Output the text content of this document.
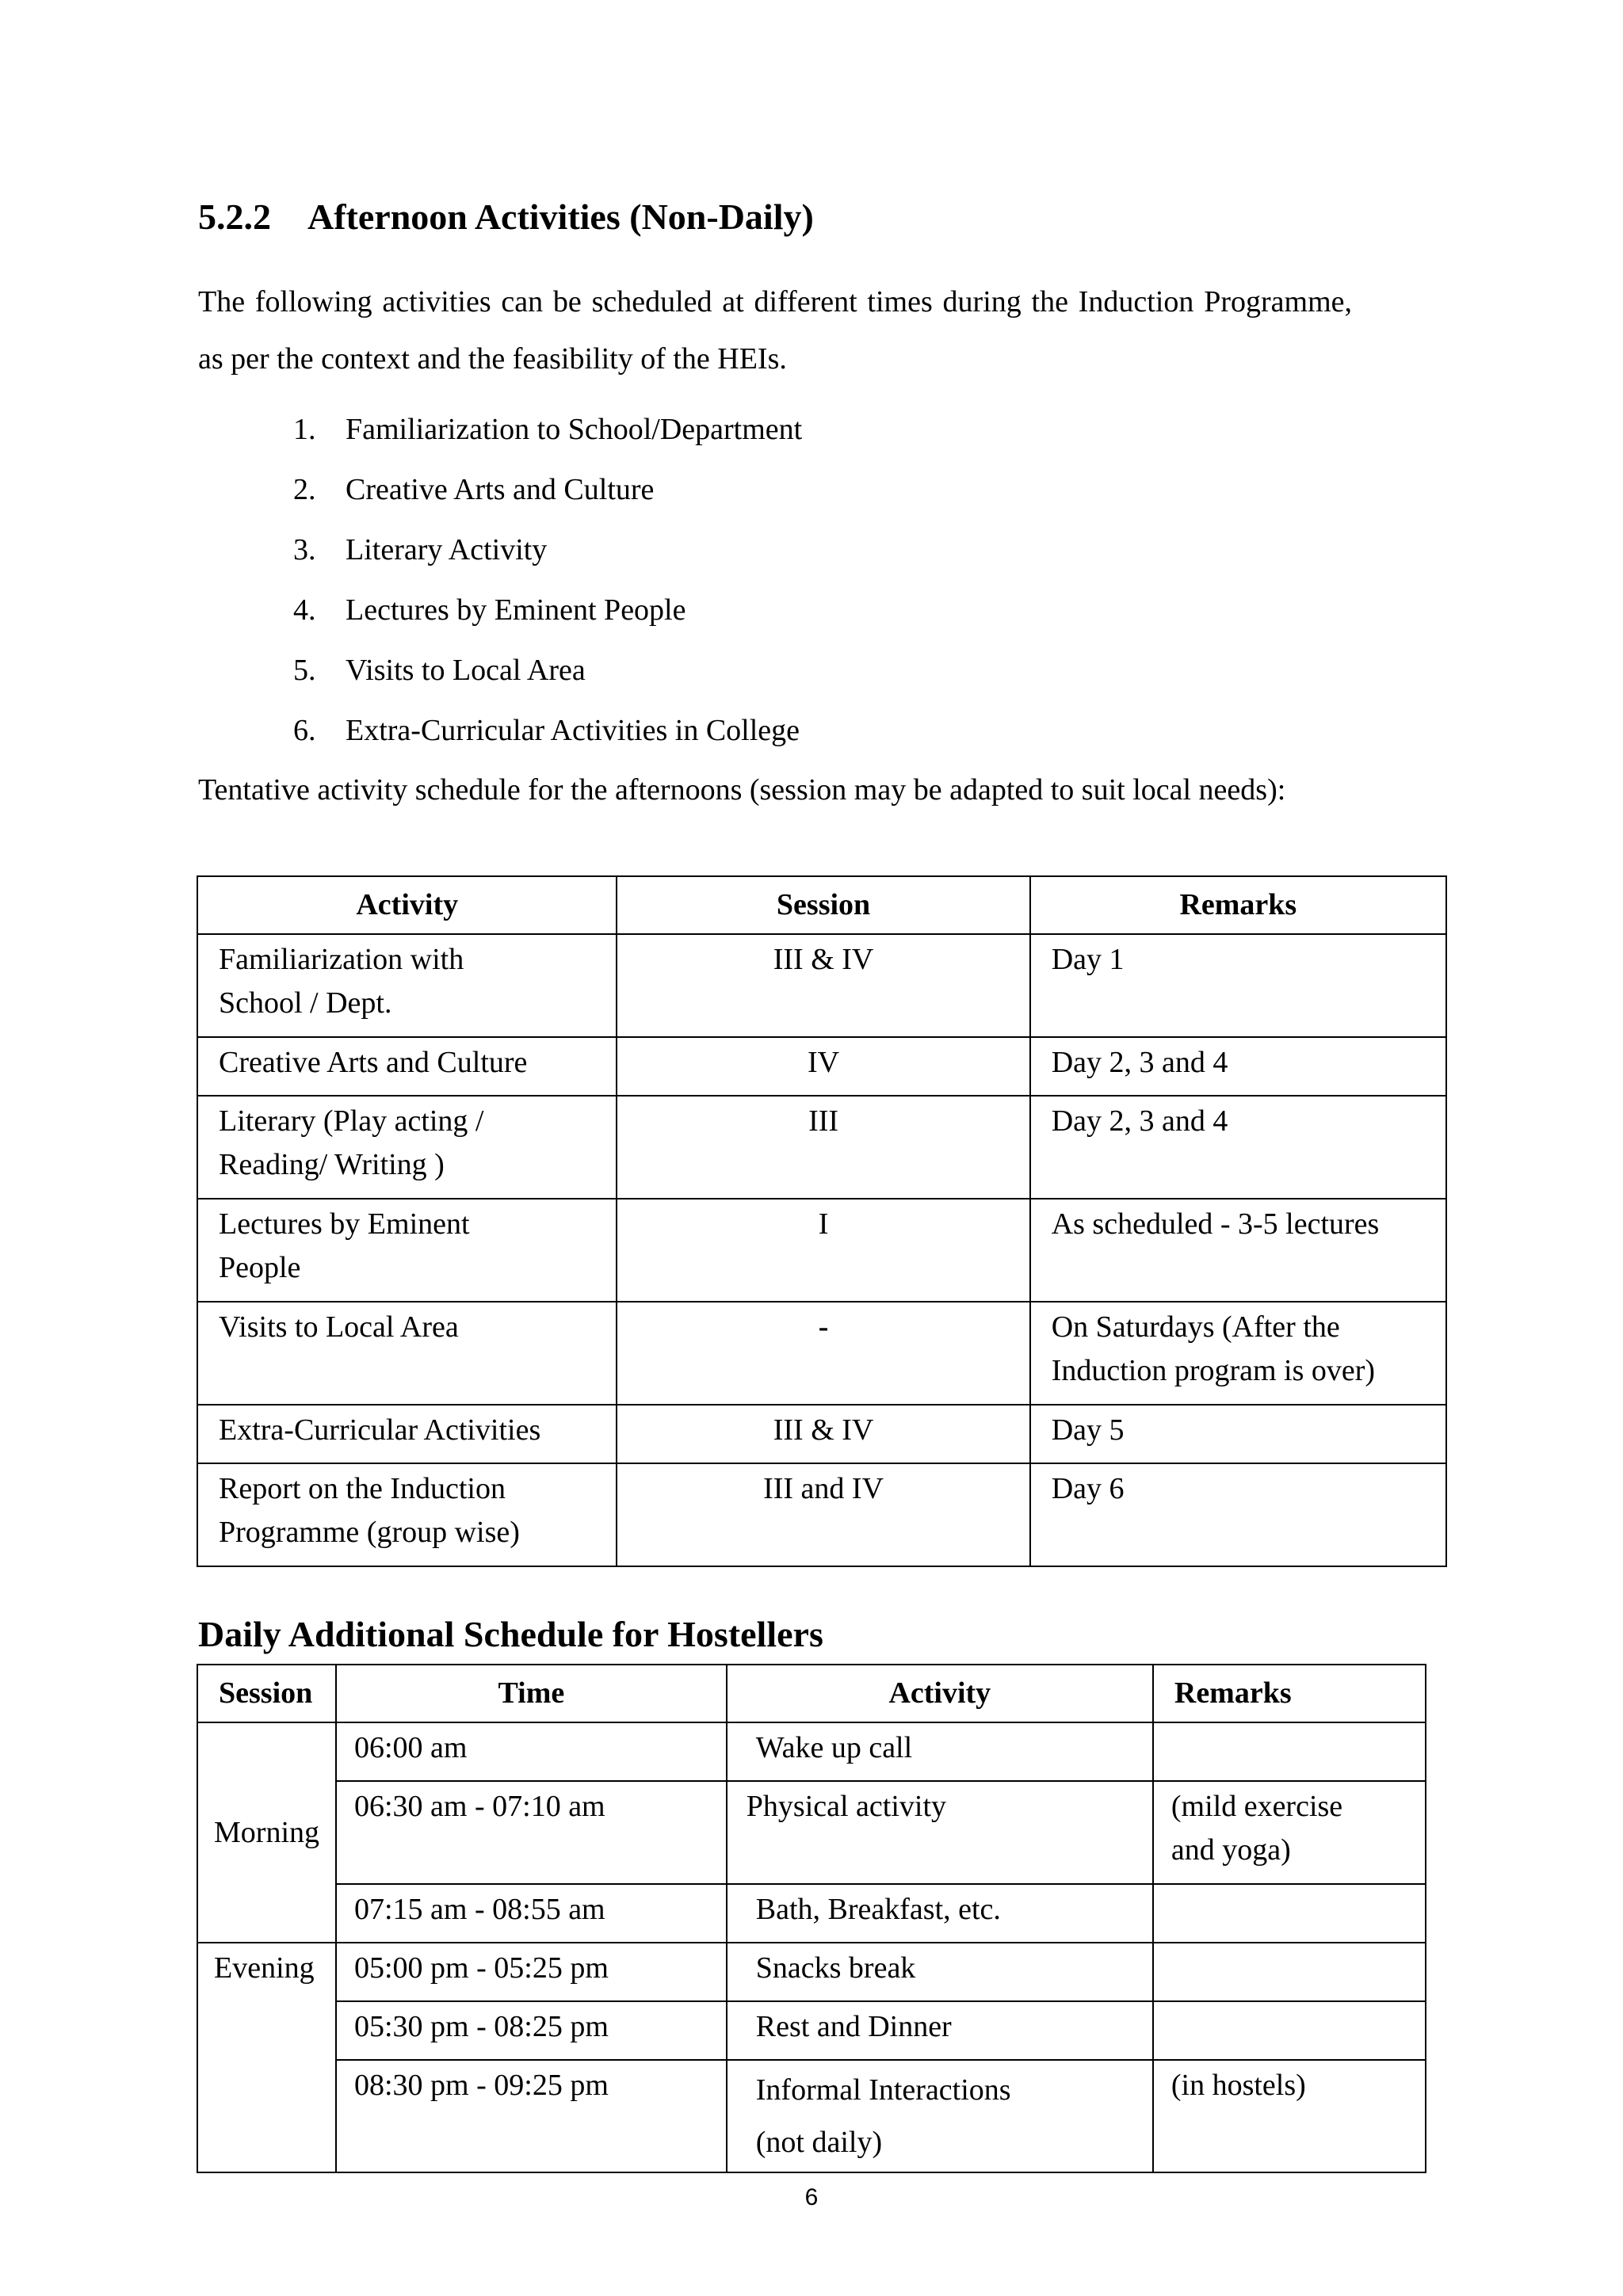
5.2.2 Afternoon Activities (Non-Daily)

The following activities can be scheduled at different times during the Induction Programme, as per the context and the feasibility of the HEIs.

1. Familiarization to School/Department
2. Creative Arts and Culture
3. Literary Activity
4. Lectures by Eminent People
5. Visits to Local Area
6. Extra-Curricular Activities in College

Tentative activity schedule for the afternoons (session may be adapted to suit local needs):

Activity	Session	Remarks
Familiarization with
School / Dept.	III & IV	Day 1
Creative Arts and Culture	IV	Day 2, 3 and 4
Literary (Play acting /
Reading/ Writing )	III	Day 2, 3 and 4
Lectures by Eminent
People	I	As scheduled - 3-5 lectures
Visits to Local Area	-	On Saturdays (After the
Induction program is over)
Extra-Curricular Activities	III & IV	Day 5
Report on the Induction
Programme (group wise)	III and IV	Day 6
Daily Additional Schedule for Hostellers
Session	Time	Activity	Remarks
Morning	06:00 am	Wake up call	
	06:30 am - 07:10 am	Physical activity	(mild exercise
and yoga)
	07:15 am - 08:55 am	Bath, Breakfast, etc.	
Evening	05:00 pm - 05:25 pm	Snacks break	
	05:30 pm - 08:25 pm	Rest and Dinner	
	08:30 pm - 09:25 pm	Informal Interactions
(not daily)	(in hostels)
6
